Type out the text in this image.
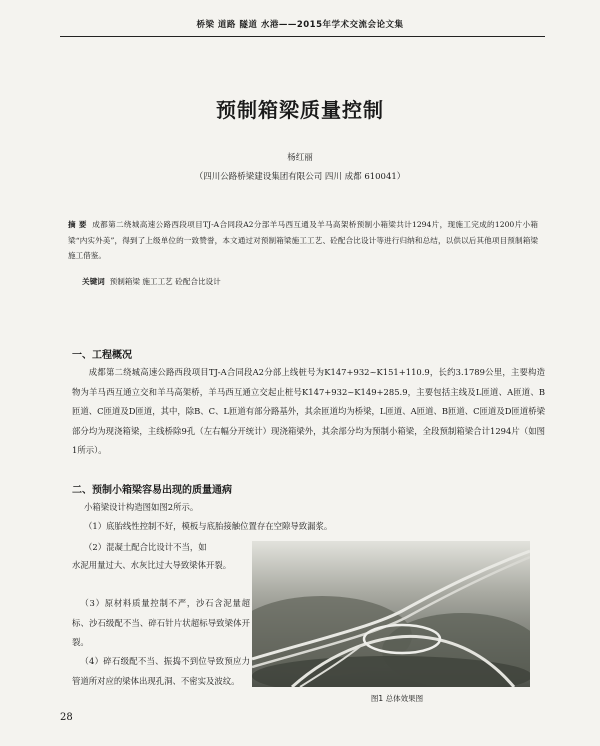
桥梁 道路 隧道 水港——2015年学术交流会论文集
预制箱梁质量控制
杨红丽
（四川公路桥梁建设集团有限公司 四川 成都 610041）
摘 要 成都第二绕城高速公路西段项目TJ-A合同段A2分部羊马西互通及羊马高架桥预制小箱梁共计1294片，现施工完成的1200片小箱梁“内实外美”，得到了上级单位的一致赞誉，本文通过对预制箱梁施工工艺、砼配合比设计等进行归纳和总结，以供以后其他项目预制箱梁施工借鉴。
关键词 预制箱梁 施工工艺 砼配合比设计
一、工程概况
成都第二绕城高速公路西段项目TJ-A合同段A2分部上线桩号为K147+932~K151+110.9，长约3.1789公里，主要构造物为羊马西互通立交和羊马高架桥，羊马西互通立交起止桩号K147+932~K149+285.9，主要包括主线及L匝道、A匝道、B匝道、C匝道及D匝道，其中，除B、C、L匝道有部分路基外，其余匝道均为桥梁，L匝道、A匝道、B匝道、C匝道及D匝道桥梁部分均为现浇箱梁，主线桥除9孔（左右幅分开统计）现浇箱梁外，其余部分均为预制小箱梁，全段预制箱梁合计1294片（如图1所示）。
二、预制小箱梁容易出现的质量通病
小箱梁设计构造图如图2所示。
（1）底胎线性控制不好，模板与底胎接触位置存在空隙导致漏浆。
（2）混凝土配合比设计不当，如
水泥用量过大、水灰比过大导致梁体开裂。
（3）原材料质量控制不严，沙石含泥量超标、沙石级配不当、碎石针片状超标导致梁体开裂。
（4）碎石级配不当、振捣不到位导致预应力管道所对应的梁体出现孔洞、不密实及波纹。
图1 总体效果图
28
